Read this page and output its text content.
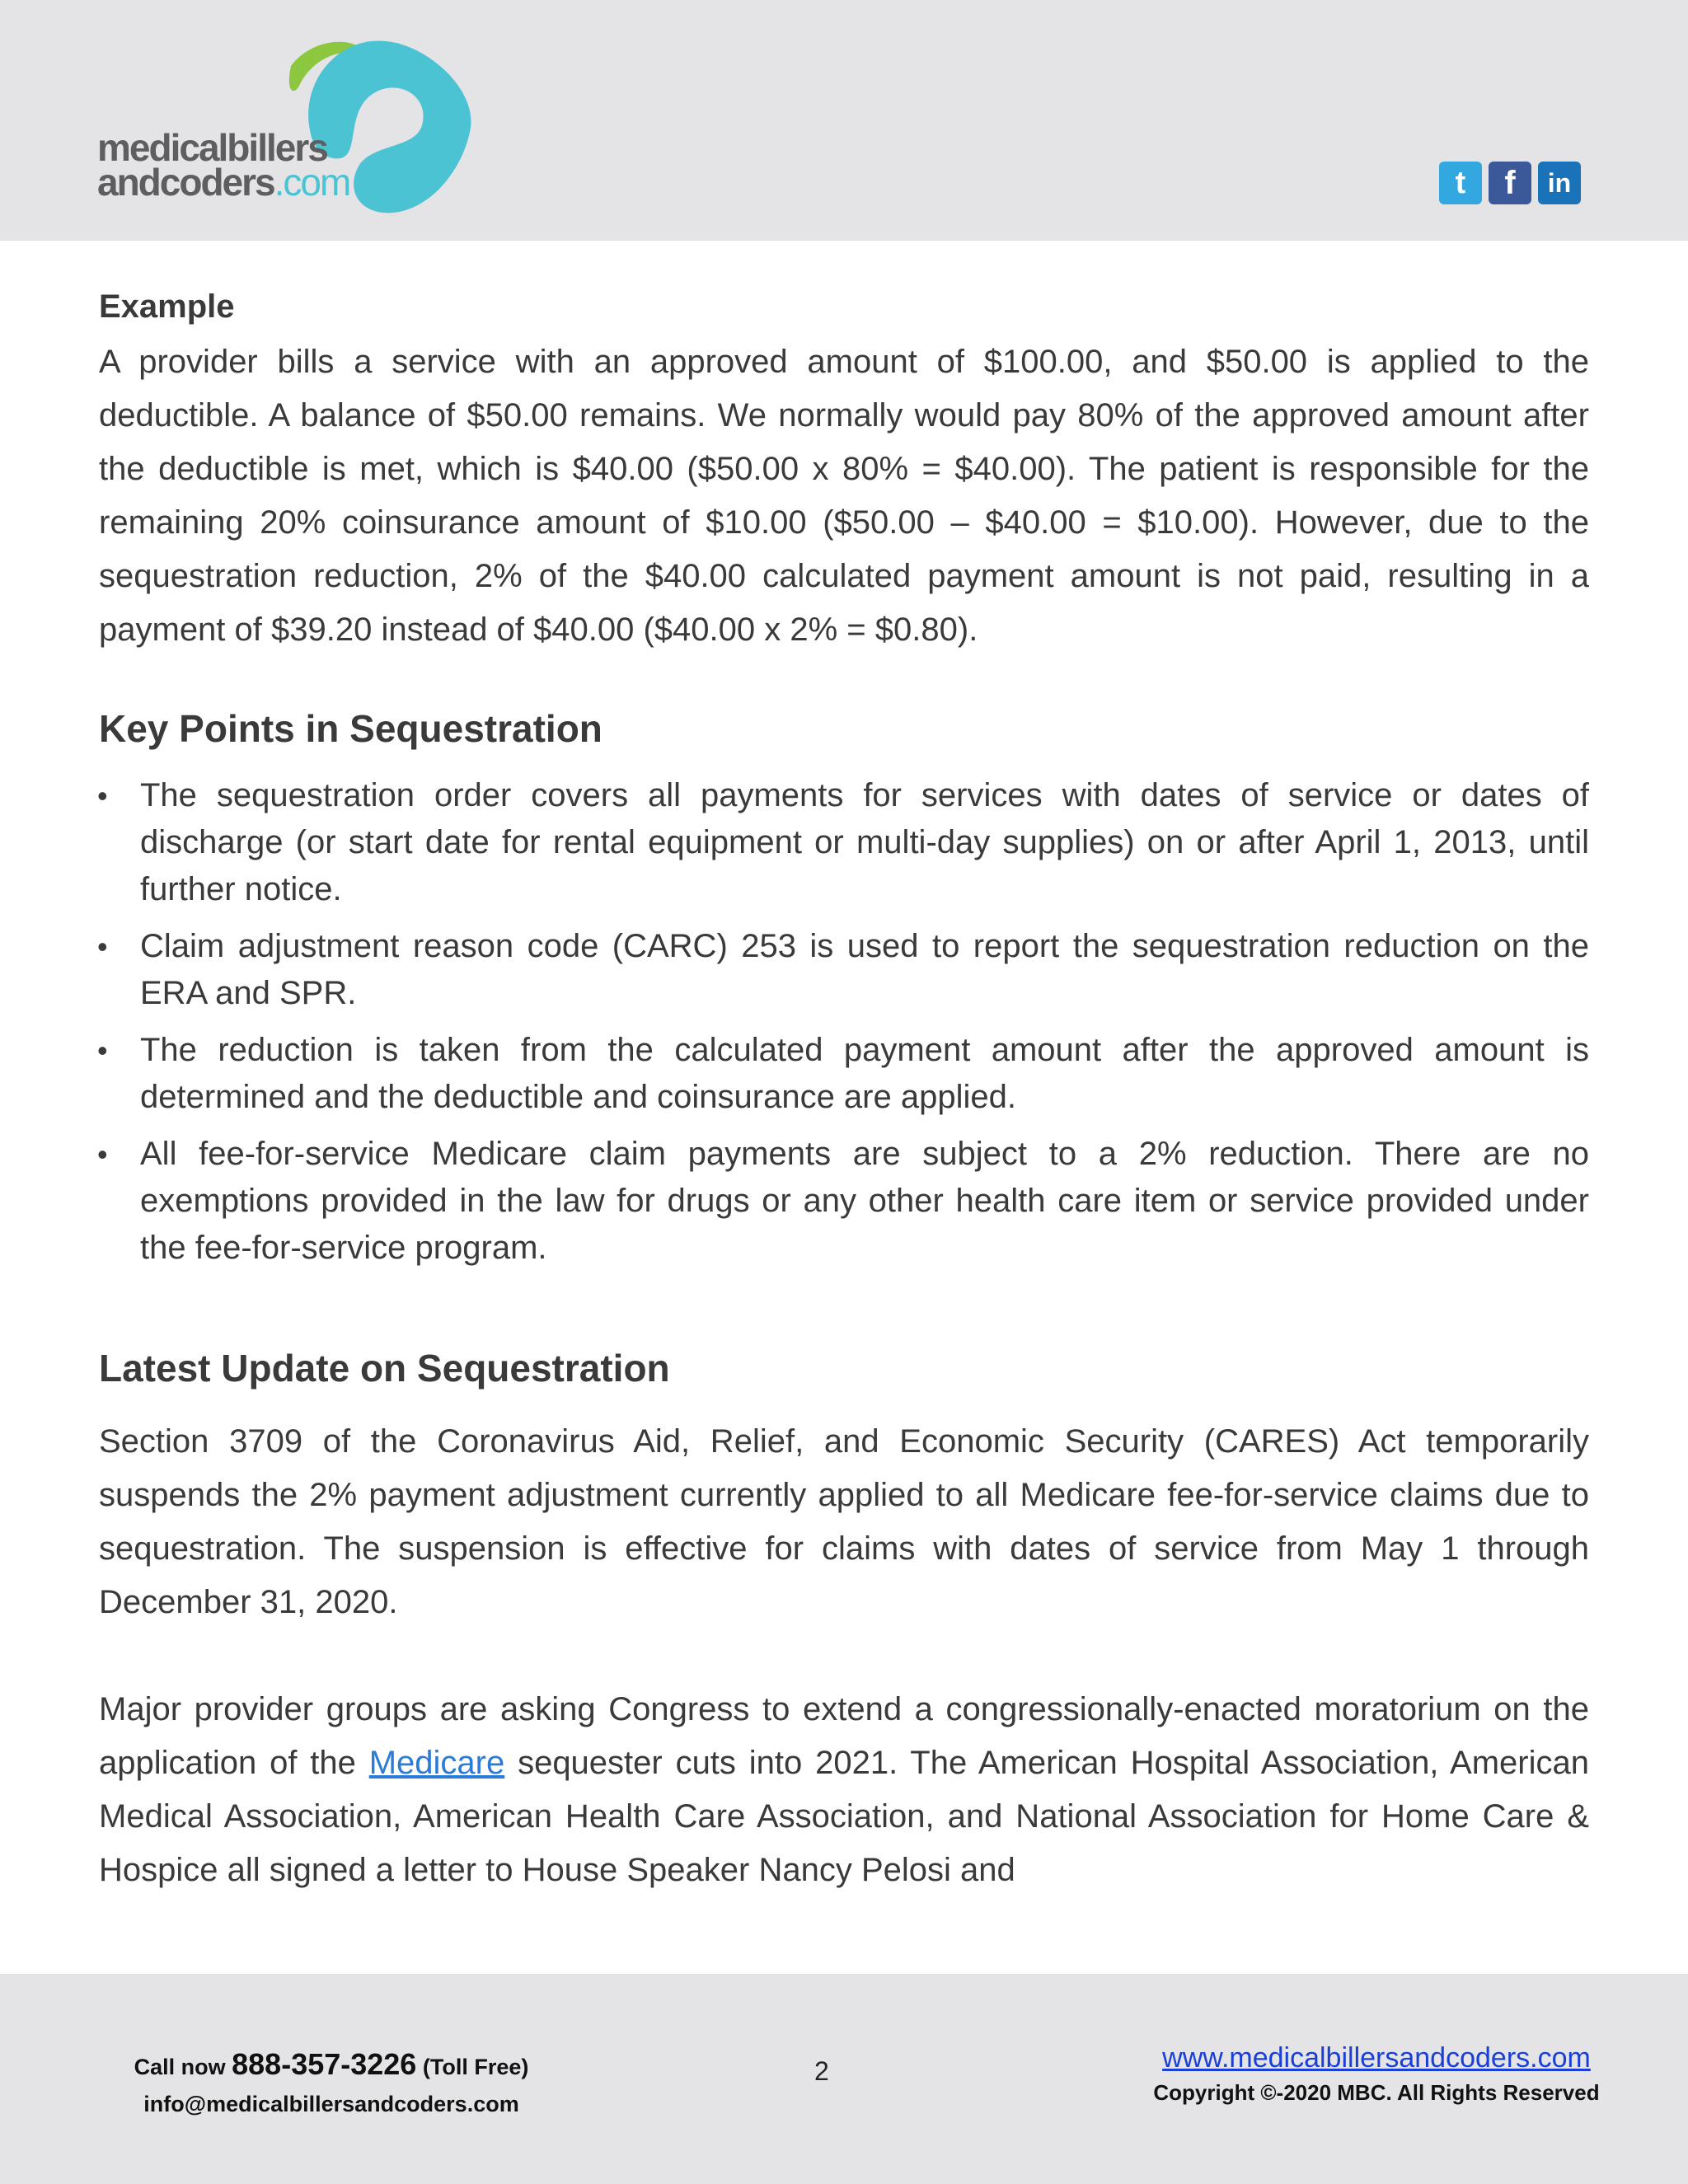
medicalbillers
andcoders.com	t	f	in
Example

A provider bills a service with an approved amount of $100.00, and $50.00 is applied to the deductible. A balance of $50.00 remains. We normally would pay 80% of the approved amount after the deductible is met, which is $40.00 ($50.00 x 80% = $40.00). The patient is responsible for the remaining 20% coinsurance amount of $10.00 ($50.00 – $40.00 = $10.00). However, due to the sequestration reduction, 2% of the $40.00 calculated payment amount is not paid, resulting in a payment of $39.20 instead of $40.00 ($40.00 x 2% = $0.80).

Key Points in Sequestration
• The sequestration order covers all payments for services with dates of service or dates of discharge (or start date for rental equipment or multi-day supplies) on or after April 1, 2013, until further notice.
• Claim adjustment reason code (CARC) 253 is used to report the sequestration reduction on the ERA and SPR.
• The reduction is taken from the calculated payment amount after the approved amount is determined and the deductible and coinsurance are applied.
• All fee-for-service Medicare claim payments are subject to a 2% reduction. There are no exemptions provided in the law for drugs or any other health care item or service provided under the fee-for-service program.
Latest Update on Sequestration

Section 3709 of the Coronavirus Aid, Relief, and Economic Security (CARES) Act temporarily suspends the 2% payment adjustment currently applied to all Medicare fee-for-service claims due to sequestration. The suspension is effective for claims with dates of service from May 1 through December 31, 2020.

Major provider groups are asking Congress to extend a congressionally-enacted moratorium on the application of the Medicare sequester cuts into 2021. The American Hospital Association, American Medical Association, American Health Care Association, and National Association for Home Care & Hospice all signed a letter to House Speaker Nancy Pelosi and

Call now 888-357-3226 (Toll Free)
info@medicalbillersandcoders.com
2	www.medicalbillersandcoders.com
Copyright ©-2020 MBC. All Rights Reserved
